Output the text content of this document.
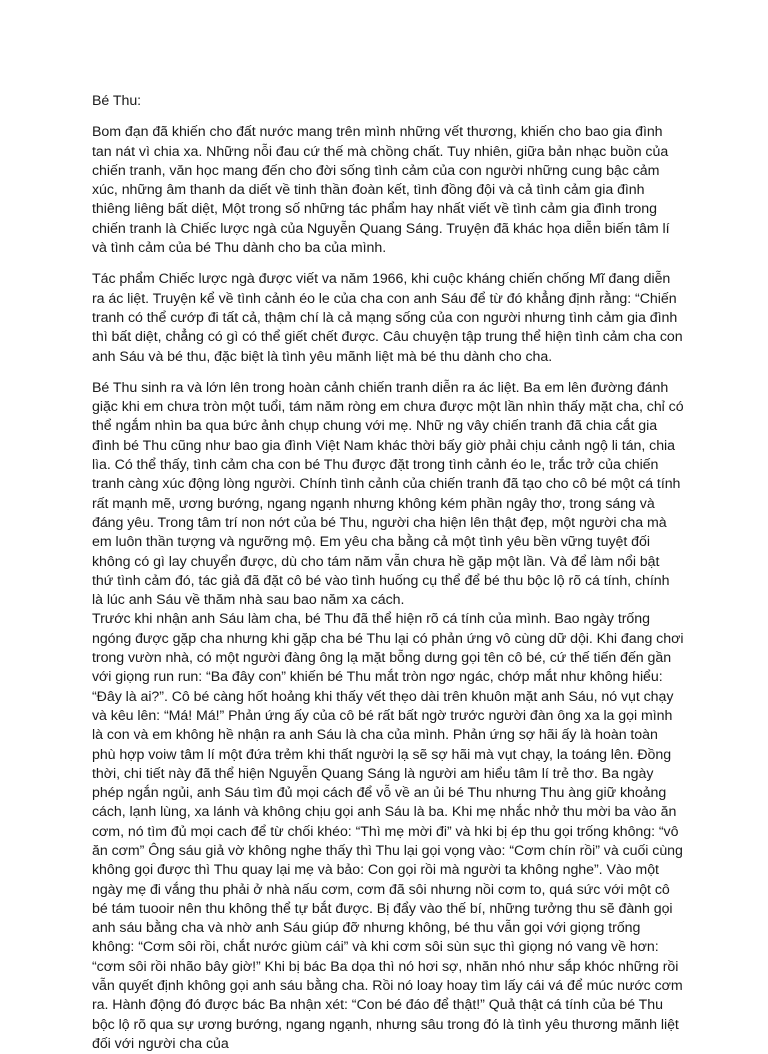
Bé Thu:

Bom đạn đã khiến cho đất nước mang trên mình những vết thương, khiến cho bao gia đình tan nát vì chia xa. Những nỗi đau cứ thế mà chồng chất. Tuy nhiên, giữa bản nhạc buồn của chiến tranh, văn học mang đến cho đời sống tình cảm của con người những cung bậc cảm xúc, những âm thanh da diết về tinh thần đoàn kết, tình đồng đội và cả tình cảm gia đình thiêng liêng bất diệt, Một trong số những tác phẩm hay nhất viết về tình cảm gia đình trong chiến tranh là Chiếc lược ngà của Nguyễn Quang Sáng. Truyện đã khác họa diễn biến tâm lí và tình cảm của bé Thu dành cho ba của mình.

Tác phẩm Chiếc lược ngà được viết va năm 1966, khi cuộc kháng chiến chống Mĩ đang diễn ra ác liệt. Truyện kể về tình cảnh éo le của cha con anh Sáu để từ đó khẳng định rằng: “Chiến tranh có thể cướp đi tất cả, thậm chí là cả mạng sống của con người nhưng tình cảm gia đình thì bất diệt, chẳng có gì có thể giết chết được. Câu chuyện tập trung thể hiện tình cảm cha con anh Sáu và bé thu, đặc biệt là tình yêu mãnh liệt mà bé thu dành cho cha.

Bé Thu sinh ra và lớn lên trong hoàn cảnh chiến tranh diễn ra ác liệt. Ba em lên đường đánh giặc khi em chưa tròn một tuổi, tám năm ròng em chưa được một lần nhìn thấy mặt cha, chỉ có thể ngắm nhìn ba qua bức ảnh chụp chung với mẹ. Nhữ ng vây chiến tranh đã chia cắt gia đình bé Thu cũng như bao gia đình Việt Nam khác thời bấy giờ phải chịu cảnh ngộ li tán, chia lìa. Có thể thấy, tình cảm cha con bé Thu được đặt trong tình cảnh éo le, trắc trở của chiến tranh càng xúc động lòng người. Chính tình cảnh của chiến tranh đã tạo cho cô bé một cá tính rất mạnh mẽ, ương bướng, ngang ngạnh nhưng không kém phần ngây thơ, trong sáng và đáng yêu. Trong tâm trí non nớt của bé Thu, người cha hiện lên thật đẹp, một người cha mà em luôn thần tượng và ngưỡng mộ. Em yêu cha bằng cả một tình yêu bền vững tuyệt đối không có gì lay chuyển được, dù cho tám năm vẫn chưa hề gặp một lần. Và để làm nổi bật thứ tình cảm đó, tác giả đã đặt cô bé vào tình huống cụ thể để bé thu bộc lộ rõ cá tính, chính là lúc anh Sáu về thăm nhà sau bao năm xa cách.

Trước khi nhận anh Sáu làm cha, bé Thu đã thể hiện rõ cá tính của mình. Bao ngày trống ngóng được gặp cha nhưng khi gặp cha bé Thu lại có phản ứng vô cùng dữ dội. Khi đang chơi trong vườn nhà, có một người đàng ông lạ mặt bỗng dưng gọi tên cô bé, cứ thế tiến đến gần với giọng run run: “Ba đây con” khiến bé Thu mắt tròn ngơ ngác, chớp mắt như không hiểu: “Đây là ai?”. Cô bé càng hốt hoảng khi thấy vết thẹo dài trên khuôn mặt anh Sáu, nó vụt chạy và kêu lên: “Má! Má!” Phản ứng ấy của cô bé rất bất ngờ trước người đàn ông xa la gọi mình là con và em không hề nhận ra anh Sáu là cha của mình. Phản ứng sợ hãi ấy là hoàn toàn phù hợp voiw tâm lí một đứa trẻm khi thất người lạ sẽ sợ hãi mà vụt chạy, la toáng lên. Đồng thời, chi tiết này đã thể hiện Nguyễn Quang Sáng là người am hiểu tâm lí trẻ thơ. Ba ngày phép ngắn ngủi, anh Sáu tìm đủ mọi cách để vỗ về an ủi bé Thu nhưng Thu àng giữ khoảng cách, lạnh lùng, xa lánh và không chịu gọi anh Sáu là ba. Khi mẹ nhắc nhở thu mời ba vào ăn cơm, nó tìm đủ mọi cach để từ chối khéo: “Thì mẹ mời đi” và hki bị ép thu gọi trống không: “vô ăn cơm” Ông sáu giả vờ không nghe thấy thì Thu lại gọi vọng vào: “Cơm chín rồi” và cuối cùng không gọi được thì Thu quay lại mẹ và bảo: Con gọi rồi mà người ta không nghe”. Vào một ngày mẹ đi vắng thu phải ở nhà nấu cơm, cơm đã sôi nhưng nồi cơm to, quá sức với một cô bé tám tuooir nên thu không thể tự bắt được. Bị đẩy vào thế bí, những tưởng thu sẽ đành gọi anh sáu bằng cha và nhờ anh Sáu giúp đỡ nhưng không, bé thu vẫn gọi với giọng trống không: “Cơm sôi rồi, chắt nước giùm cái” và khi cơm sôi sùn sục thì giọng nó vang về hơn: “cơm sôi rồi nhão bây giờ!” Khi bị bác Ba dọa thì nó hơi sợ, nhăn nhó như sắp khóc những rồi vẫn quyết định không gọi anh sáu bằng cha. Rồi nó loay hoay tìm lấy cái vá để múc nước cơm ra. Hành động đó được bác Ba nhận xét: “Con bé đáo để thật!” Quả thật cá tính của bé Thu bộc lộ rõ qua sự ương bướng, ngang ngạnh, nhưng sâu trong đó là tình yêu thương mãnh liệt đối với người cha của
